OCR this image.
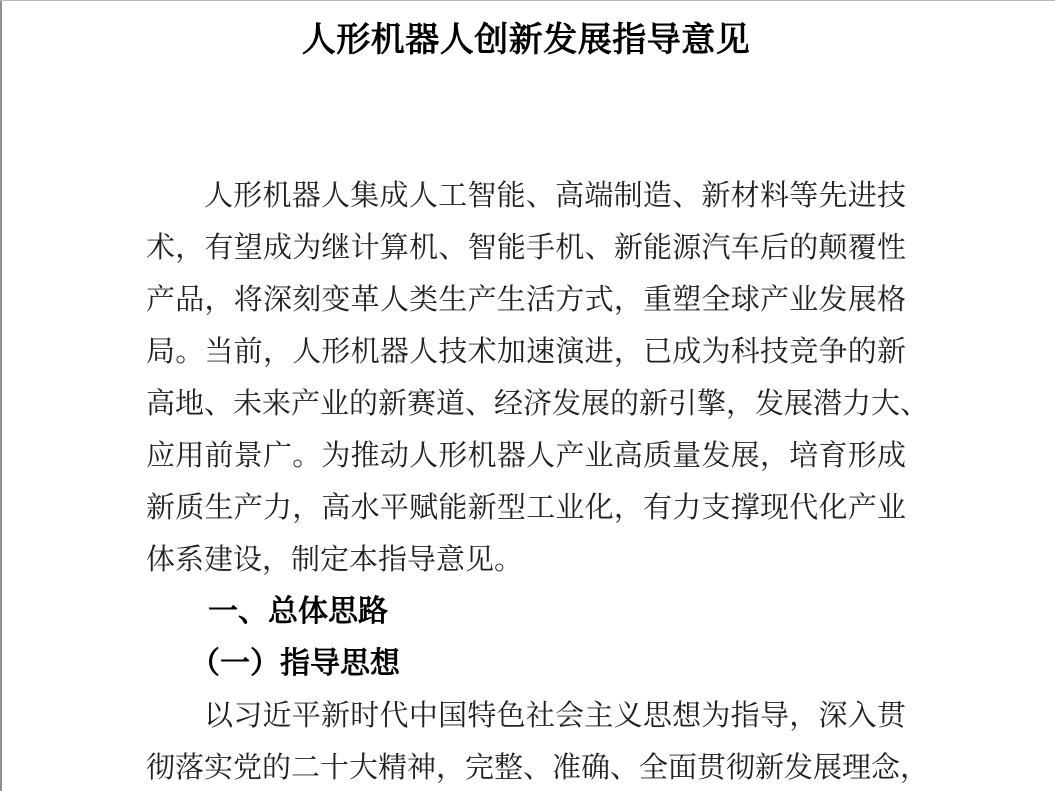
人形机器人创新发展指导意见
人形机器人集成人工智能、高端制造、新材料等先进技
术，有望成为继计算机、智能手机、新能源汽车后的颠覆性
产品，将深刻变革人类生产生活方式，重塑全球产业发展格
局。当前，人形机器人技术加速演进，已成为科技竞争的新
高地、未来产业的新赛道、经济发展的新引擎，发展潜力大、
应用前景广。为推动人形机器人产业高质量发展，培育形成
新质生产力，高水平赋能新型工业化，有力支撑现代化产业
体系建设，制定本指导意见。
一、总体思路
（一）指导思想
以习近平新时代中国特色社会主义思想为指导，深入贯
彻落实党的二十大精神，完整、准确、全面贯彻新发展理念，
